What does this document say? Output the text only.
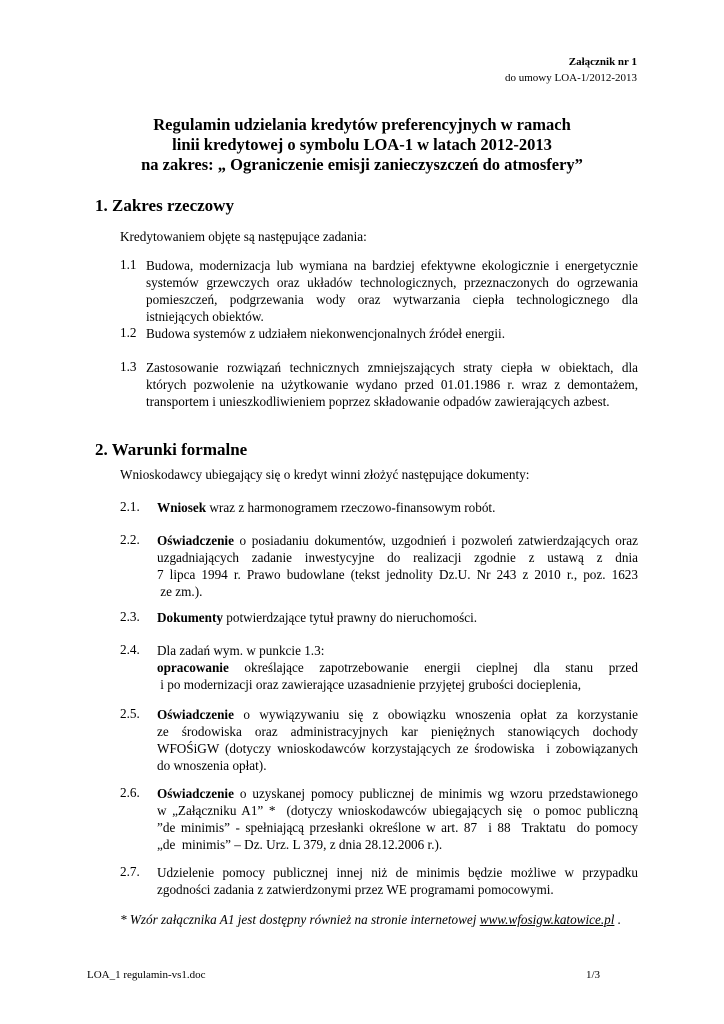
Załącznik nr 1
do umowy LOA-1/2012-2013
Regulamin udzielania kredytów preferencyjnych w ramach
linii kredytowej o symbolu LOA-1 w latach 2012-2013
na zakres: „ Ograniczenie emisji zanieczyszczeń do atmosfery”
1. Zakres rzeczowy
Kredytowaniem objęte są następujące zadania:
1.1 Budowa, modernizacja lub wymiana na bardziej efektywne ekologicznie i energetycznie
systemów grzewczych oraz układów technologicznych, przeznaczonych do ogrzewania
pomieszczeń, podgrzewania wody oraz wytwarzania ciepła technologicznego dla
istniejących obiektów.
1.2 Budowa systemów z udziałem niekonwencjonalnych źródeł energii.
1.3 Zastosowanie rozwiązań technicznych zmniejszających straty ciepła w obiektach, dla
których pozwolenie na użytkowanie wydano przed 01.01.1986 r. wraz z demontażem,
transportem i unieszkodliwieniem poprzez składowanie odpadów zawierających azbest.
2. Warunki formalne
Wnioskodawcy ubiegający się o kredyt winni złożyć następujące dokumenty:
2.1. Wniosek wraz z harmonogramem rzeczowo-finansowym robót.
2.2. Oświadczenie o posiadaniu dokumentów, uzgodnień i pozwoleń zatwierdzających oraz
uzgadniających zadanie inwestycyjne do realizacji zgodnie z ustawą z dnia
7 lipca 1994 r. Prawo budowlane (tekst jednolity Dz.U. Nr 243 z 2010 r., poz. 1623
ze zm.).
2.3. Dokumenty potwierdzające tytuł prawny do nieruchomości.
2.4. Dla zadań wym. w punkcie 1.3:
opracowanie określające zapotrzebowanie energii cieplnej dla stanu przed
i po modernizacji oraz zawierające uzasadnienie przyjętej grubości docieplenia,
2.5. Oświadczenie o wywiązywaniu się z obowiązku wnoszenia opłat za korzystanie
ze środowiska oraz administracyjnych kar pieniężnych stanowiących dochody
WFOŚiGW (dotyczy wnioskodawców korzystających ze środowiska  i zobowiązanych
do wnoszenia opłat).
2.6. Oświadczenie o uzyskanej pomocy publicznej de minimis wg wzoru przedstawionego
w „Załączniku A1” *  (dotyczy wnioskodawców ubiegających się  o pomoc publiczną
”de minimis” - spełniającą przesłanki określone w art. 87  i 88  Traktatu  do pomocy
„de  minimis” – Dz. Urz. L 379, z dnia 28.12.2006 r.).
2.7. Udzielenie pomocy publicznej innej niż de minimis będzie możliwe w przypadku
zgodności zadania z zatwierdzonymi przez WE programami pomocowymi.
* Wzór załącznika A1 jest dostępny również na stronie internetowej www.wfosigw.katowice.pl .
LOA_1 regulamin-vs1.doc	1/3
